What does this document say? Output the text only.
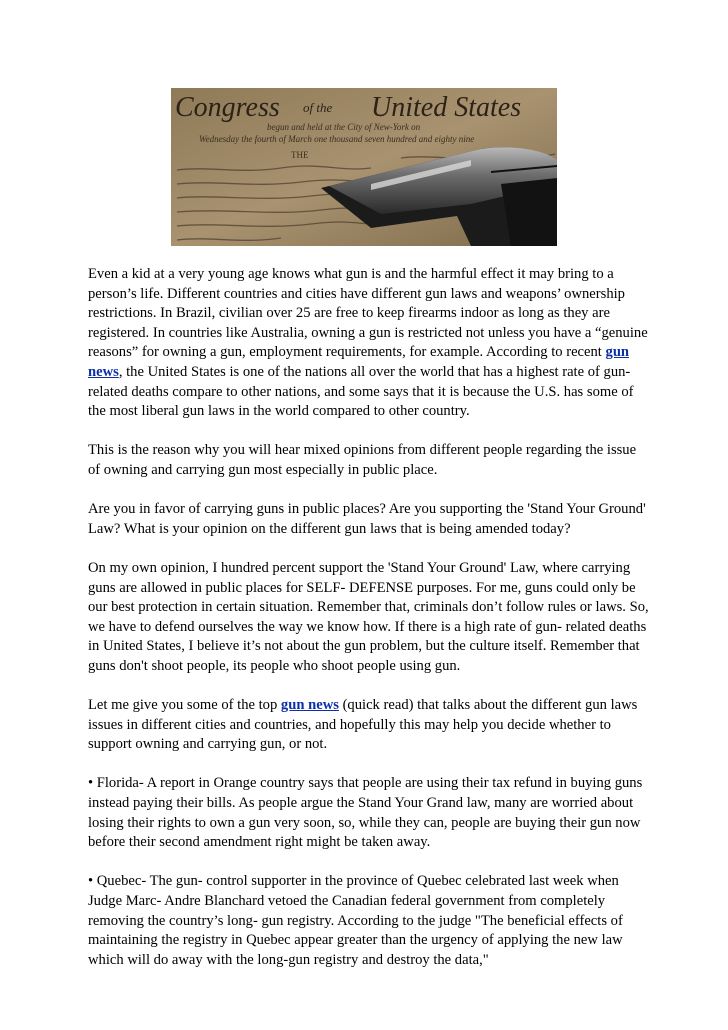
Congress of the United States
begun and held at the City of New-York on
Wednesday the fourth of March one thousand seven hundred and eighty nine
THE

Even a kid at a very young age knows what gun is and the harmful effect it may bring to a person’s life. Different countries and cities have different gun laws and weapons’ ownership restrictions. In Brazil, civilian over 25 are free to keep firearms indoor as long as they are registered. In countries like Australia, owning a gun is restricted not unless you have a “genuine reasons” for owning a gun, employment requirements, for example. According to recent gun news, the United States is one of the nations all over the world that has a highest rate of gun- related deaths compare to other nations, and some says that it is because the U.S. has some of the most liberal gun laws in the world compared to other country.

This is the reason why you will hear mixed opinions from different people regarding the issue of owning and carrying gun most especially in public place.

Are you in favor of carrying guns in public places? Are you supporting the 'Stand Your Ground' Law? What is your opinion on the different gun laws that is being amended today?

On my own opinion, I hundred percent support the 'Stand Your Ground' Law, where carrying guns are allowed in public places for SELF- DEFENSE purposes. For me, guns could only be our best protection in certain situation. Remember that, criminals don’t follow rules or laws. So, we have to defend ourselves the way we know how. If there is a high rate of gun- related deaths in United States, I believe it’s not about the gun problem, but the culture itself. Remember that guns don't shoot people, its people who shoot people using gun.

Let me give you some of the top gun news (quick read) that talks about the different gun laws issues in different cities and countries, and hopefully this may help you decide whether to support owning and carrying gun, or not.

• Florida- A report in Orange country says that people are using their tax refund in buying guns instead paying their bills. As people argue the Stand Your Grand law, many are worried about losing their rights to own a gun very soon, so, while they can, people are buying their gun now before their second amendment right might be taken away.

• Quebec- The gun- control supporter in the province of Quebec celebrated last week when Judge Marc- Andre Blanchard vetoed the Canadian federal government from completely removing the country’s long- gun registry. According to the judge "The beneficial effects of maintaining the registry in Quebec appear greater than the urgency of applying the new law which will do away with the long-gun registry and destroy the data,"
